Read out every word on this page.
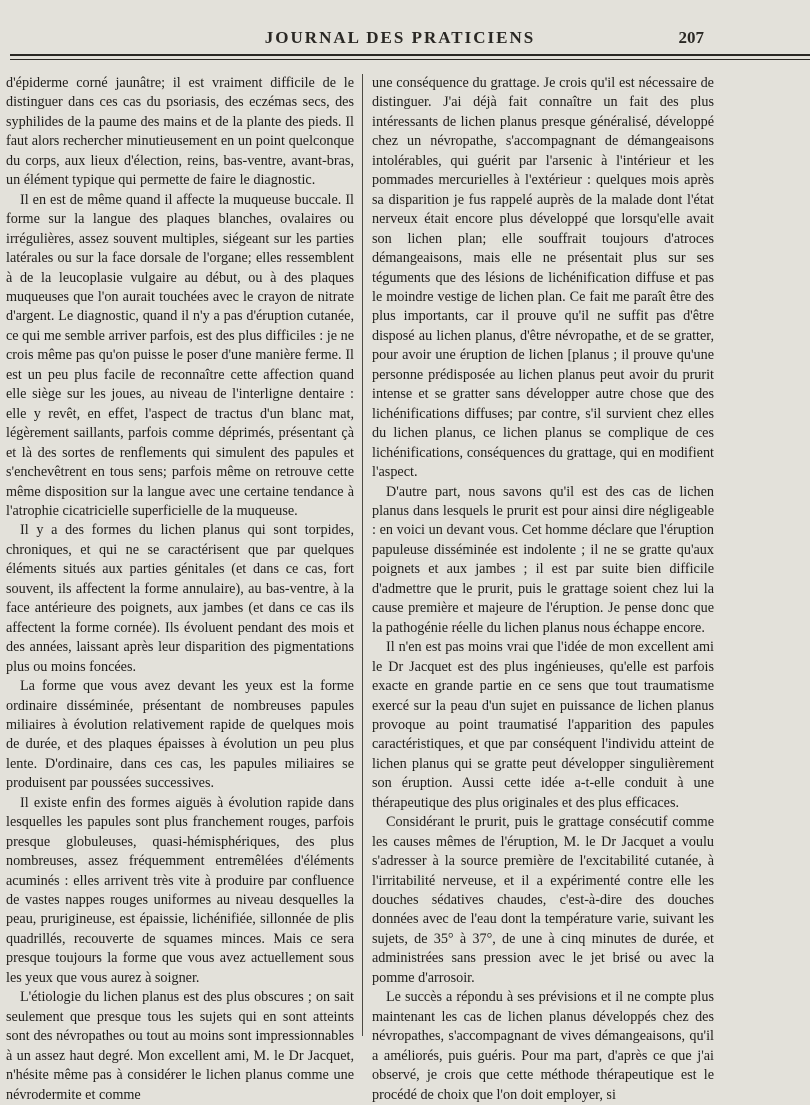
JOURNAL DES PRATICIENS	207

d'épiderme corné jaunâtre; il est vraiment difficile de le distinguer dans ces cas du psoriasis, des eczémas secs, des syphilides de la paume des mains et de la plante des pieds. Il faut alors rechercher minutieusement en un point quelconque du corps, aux lieux d'élection, reins, bas-ventre, avant-bras, un élément typique qui permette de faire le diagnostic.

Il en est de même quand il affecte la muqueuse buccale. Il forme sur la langue des plaques blanches, ovalaires ou irrégulières, assez souvent multiples, siégeant sur les parties latérales ou sur la face dorsale de l'organe; elles ressemblent à de la leucoplasie vulgaire au début, ou à des plaques muqueuses que l'on aurait touchées avec le crayon de nitrate d'argent. Le diagnostic, quand il n'y a pas d'éruption cutanée, ce qui me semble arriver parfois, est des plus difficiles : je ne crois même pas qu'on puisse le poser d'une manière ferme. Il est un peu plus facile de reconnaître cette affection quand elle siège sur les joues, au niveau de l'interligne dentaire : elle y revêt, en effet, l'aspect de tractus d'un blanc mat, légèrement saillants, parfois comme déprimés, présentant çà et là des sortes de renflements qui simulent des papules et s'enchevêtrent en tous sens; parfois même on retrouve cette même disposition sur la langue avec une certaine tendance à l'atrophie cicatricielle superficielle de la muqueuse.

Il y a des formes du lichen planus qui sont torpides, chroniques, et qui ne se caractérisent que par quelques éléments situés aux parties génitales (et dans ce cas, fort souvent, ils affectent la forme annulaire), au bas-ventre, à la face antérieure des poignets, aux jambes (et dans ce cas ils affectent la forme cornée). Ils évoluent pendant des mois et des années, laissant après leur disparition des pigmentations plus ou moins foncées.

La forme que vous avez devant les yeux est la forme ordinaire disséminée, présentant de nombreuses papules miliaires à évolution relativement rapide de quelques mois de durée, et des plaques épaisses à évolution un peu plus lente. D'ordinaire, dans ces cas, les papules miliaires se produisent par poussées successives.

Il existe enfin des formes aiguës à évolution rapide dans lesquelles les papules sont plus franchement rouges, parfois presque globuleuses, quasi-hémisphériques, des plus nombreuses, assez fréquemment entremêlées d'éléments acuminés : elles arrivent très vite à produire par confluence de vastes nappes rouges uniformes au niveau desquelles la peau, prurigineuse, est épaissie, lichénifiée, sillonnée de plis quadrillés, recouverte de squames minces. Mais ce sera presque toujours la forme que vous avez actuellement sous les yeux que vous aurez à soigner.

L'étiologie du lichen planus est des plus obscures ; on sait seulement que presque tous les sujets qui en sont atteints sont des névropathes ou tout au moins sont impressionnables à un assez haut degré. Mon excellent ami, M. le Dr Jacquet, n'hésite même pas à considérer le lichen planus comme une névrodermite et comme

une conséquence du grattage. Je crois qu'il est nécessaire de distinguer. J'ai déjà fait connaître un fait des plus intéressants de lichen planus presque généralisé, développé chez un névropathe, s'accompagnant de démangeaisons intolérables, qui guérit par l'arsenic à l'intérieur et les pommades mercurielles à l'extérieur : quelques mois après sa disparition je fus rappelé auprès de la malade dont l'état nerveux était encore plus développé que lorsqu'elle avait son lichen plan; elle souffrait toujours d'atroces démangeaisons, mais elle ne présentait plus sur ses téguments que des lésions de lichénification diffuse et pas le moindre vestige de lichen plan. Ce fait me paraît être des plus importants, car il prouve qu'il ne suffit pas d'être disposé au lichen planus, d'être névropathe, et de se gratter, pour avoir une éruption de lichen [planus ; il prouve qu'une personne prédisposée au lichen planus peut avoir du prurit intense et se gratter sans développer autre chose que des lichénifications diffuses; par contre, s'il survient chez elles du lichen planus, ce lichen planus se complique de ces lichénifications, conséquences du grattage, qui en modifient l'aspect.

D'autre part, nous savons qu'il est des cas de lichen planus dans lesquels le prurit est pour ainsi dire négligeable : en voici un devant vous. Cet homme déclare que l'éruption papuleuse disséminée est indolente ; il ne se gratte qu'aux poignets et aux jambes ; il est par suite bien difficile d'admettre que le prurit, puis le grattage soient chez lui la cause première et majeure de l'éruption. Je pense donc que la pathogénie réelle du lichen planus nous échappe encore.

Il n'en est pas moins vrai que l'idée de mon excellent ami le Dr Jacquet est des plus ingénieuses, qu'elle est parfois exacte en grande partie en ce sens que tout traumatisme exercé sur la peau d'un sujet en puissance de lichen planus provoque au point traumatisé l'apparition des papules caractéristiques, et que par conséquent l'individu atteint de lichen planus qui se gratte peut développer singulièrement son éruption. Aussi cette idée a-t-elle conduit à une thérapeutique des plus originales et des plus efficaces.

Considérant le prurit, puis le grattage consécutif comme les causes mêmes de l'éruption, M. le Dr Jacquet a voulu s'adresser à la source première de l'excitabilité cutanée, à l'irritabilité nerveuse, et il a expérimenté contre elle les douches sédatives chaudes, c'est-à-dire des douches données avec de l'eau dont la température varie, suivant les sujets, de 35° à 37°, de une à cinq minutes de durée, et administrées sans pression avec le jet brisé ou avec la pomme d'arrosoir.

Le succès a répondu à ses prévisions et il ne compte plus maintenant les cas de lichen planus développés chez des névropathes, s'accompagnant de vives démangeaisons, qu'il a améliorés, puis guéris. Pour ma part, d'après ce que j'ai observé, je crois que cette méthode thérapeutique est le procédé de choix que l'on doit employer, si
